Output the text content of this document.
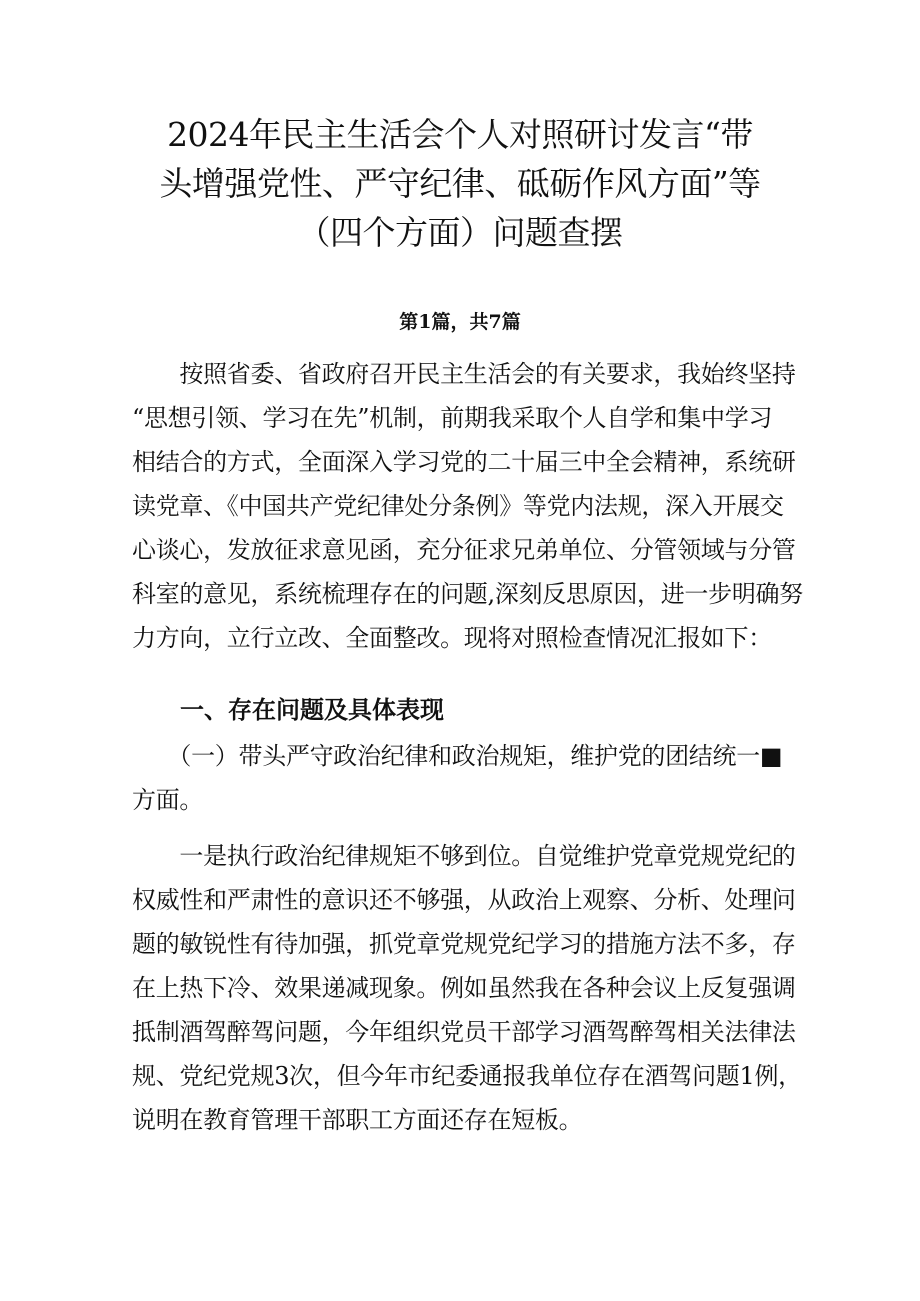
2024年民主生活会个人对照研讨发言“带
头增强党性、严守纪律、砥砺作风方面”等
（四个方面）问题查摆
第1篇，共7篇

　　按照省委、省政府召开民主生活会的有关要求，我始终坚持
“思想引领、学习在先”机制，前期我采取个人自学和集中学习
相结合的方式，全面深入学习党的二十届三中全会精神，系统研
读党章、《中国共产党纪律处分条例》等党内法规，深入开展交
心谈心，发放征求意见函，充分征求兄弟单位、分管领域与分管
科室的意见，系统梳理存在的问题,深刻反思原因，进一步明确努
力方向，立行立改、全面整改。现将对照检查情况汇报如下：

一、存在问题及具体表现

　　（一）带头严守政治纪律和政治规矩，维护党的团结统一■
方面。

　　一是执行政治纪律规矩不够到位。自觉维护党章党规党纪的
权威性和严肃性的意识还不够强，从政治上观察、分析、处理问
题的敏锐性有待加强，抓党章党规党纪学习的措施方法不多，存
在上热下冷、效果递减现象。例如虽然我在各种会议上反复强调
抵制酒驾醉驾问题，今年组织党员干部学习酒驾醉驾相关法律法
规、党纪党规3次，但今年市纪委通报我单位存在酒驾问题1例，
说明在教育管理干部职工方面还存在短板。
